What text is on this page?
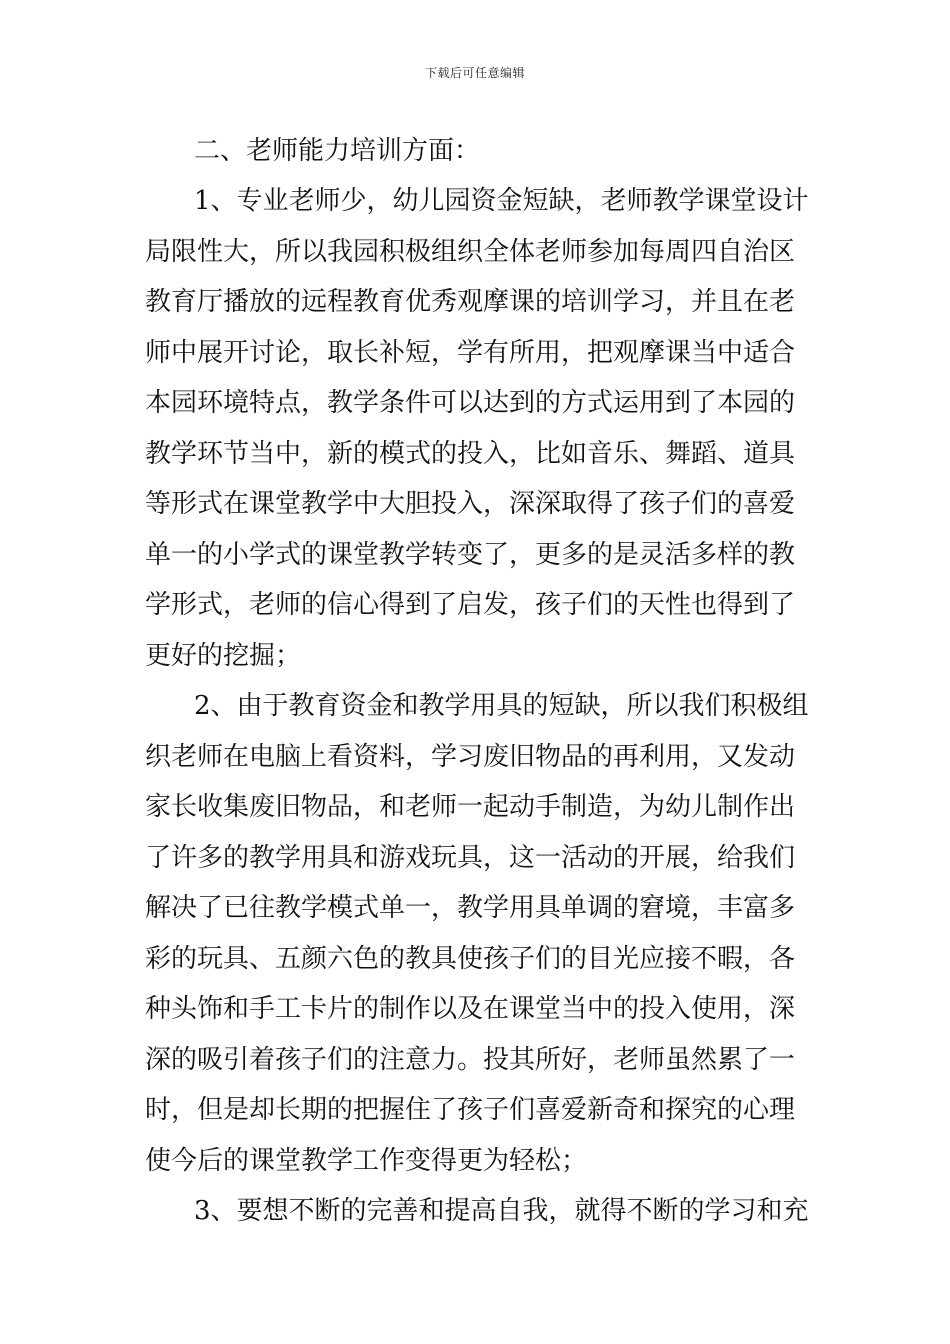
下载后可任意编辑
二、老师能力培训方面：
1、专业老师少，幼儿园资金短缺，老师教学课堂设计
局限性大，所以我园积极组织全体老师参加每周四自治区
教育厅播放的远程教育优秀观摩课的培训学习，并且在老
师中展开讨论，取长补短，学有所用，把观摩课当中适合
本园环境特点，教学条件可以达到的方式运用到了本园的
教学环节当中，新的模式的投入，比如音乐、舞蹈、道具
等形式在课堂教学中大胆投入，深深取得了孩子们的喜爱
单一的小学式的课堂教学转变了，更多的是灵活多样的教
学形式，老师的信心得到了启发，孩子们的天性也得到了
更好的挖掘；
2、由于教育资金和教学用具的短缺，所以我们积极组
织老师在电脑上看资料，学习废旧物品的再利用，又发动
家长收集废旧物品，和老师一起动手制造，为幼儿制作出
了许多的教学用具和游戏玩具，这一活动的开展，给我们
解决了已往教学模式单一，教学用具单调的窘境，丰富多
彩的玩具、五颜六色的教具使孩子们的目光应接不暇，各
种头饰和手工卡片的制作以及在课堂当中的投入使用，深
深的吸引着孩子们的注意力。投其所好，老师虽然累了一
时，但是却长期的把握住了孩子们喜爱新奇和探究的心理
使今后的课堂教学工作变得更为轻松；
3、要想不断的完善和提高自我，就得不断的学习和充
